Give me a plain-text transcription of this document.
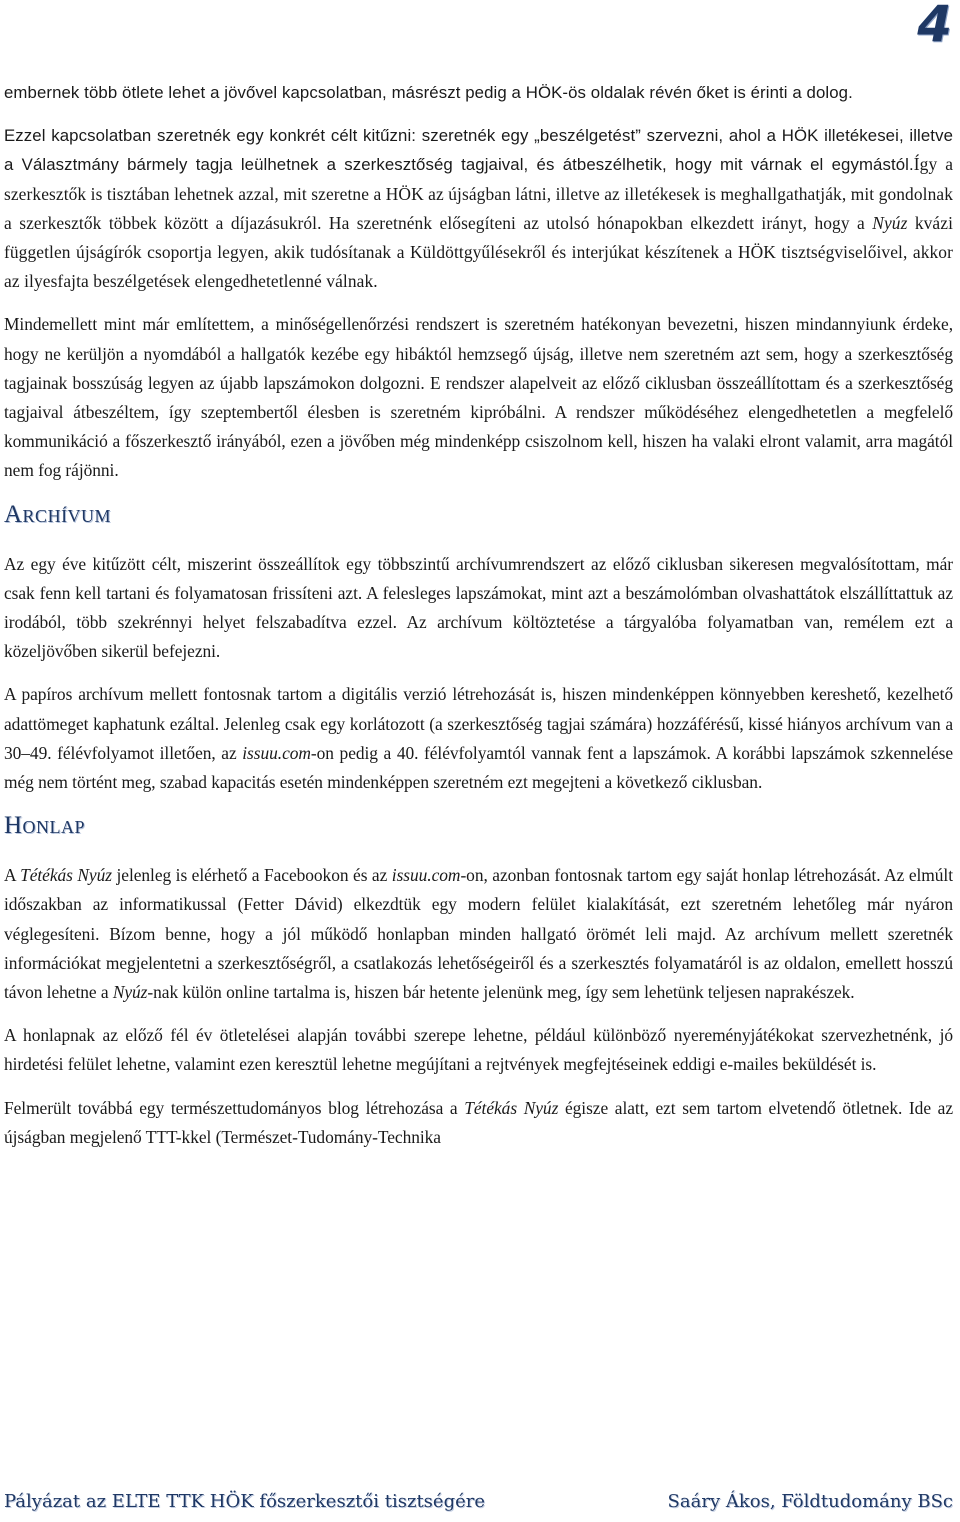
4

embernek több ötlete lehet a jövővel kapcsolatban, másrészt pedig a HÖK-ös oldalak révén őket is érinti a dolog.

Ezzel kapcsolatban szeretnék egy konkrét célt kitűzni: szeretnék egy „beszélgetést” szervezni, ahol a HÖK illetékesei, illetve a Választmány bármely tagja leülhetnek a szerkesztőség tagjaival, és átbeszélhetik, hogy mit várnak el egymástól.Így a szerkesztők is tisztában lehetnek azzal, mit szeretne a HÖK az újságban látni, illetve az illetékesek is meghallgathatják, mit gondolnak a szerkesztők többek között a díjazásukról. Ha szeretnénk elősegíteni az utolsó hónapokban elkezdett irányt, hogy a Nyúz kvázi független újságírók csoportja legyen, akik tudósítanak a Küldöttgyűlésekről és interjúkat készítenek a HÖK tisztségviselőivel, akkor az ilyesfajta beszélgetések elengedhetetlenné válnak.

Mindemellett mint már említettem, a minőségellenőrzési rendszert is szeretném hatékonyan bevezetni, hiszen mindannyiunk érdeke, hogy ne kerüljön a nyomdából a hallgatók kezébe egy hibáktól hemzsegő újság, illetve nem szeretném azt sem, hogy a szerkesztőség tagjainak bosszúság legyen az újabb lapszámokon dolgozni. E rendszer alapelveit az előző ciklusban összeállítottam és a szerkesztőség tagjaival átbeszéltem, így szeptembertől élesben is szeretném kipróbálni. A rendszer működéséhez elengedhetetlen a megfelelő kommunikáció a főszerkesztő irányából, ezen a jövőben még mindenképp csiszolnom kell, hiszen ha valaki elront valamit, arra magától nem fog rájönni.

Archívum

Az egy éve kitűzött célt, miszerint összeállítok egy többszintű archívumrendszert az előző ciklusban sikeresen megvalósítottam, már csak fenn kell tartani és folyamatosan frissíteni azt. A felesleges lapszámokat, mint azt a beszámolómban olvashattátok elszállíttattuk az irodából, több szekrénnyi helyet felszabadítva ezzel. Az archívum költöztetése a tárgyalóba folyamatban van, remélem ezt a közeljövőben sikerül befejezni.

A papíros archívum mellett fontosnak tartom a digitális verzió létrehozását is, hiszen mindenképpen könnyebben kereshető, kezelhető adattömeget kaphatunk ezáltal. Jelenleg csak egy korlátozott (a szerkesztőség tagjai számára) hozzáférésű, kissé hiányos archívum van a 30–49. félévfolyamot illetően, az issuu.com-on pedig a 40. félévfolyamtól vannak fent a lapszámok. A korábbi lapszámok szkennelése még nem történt meg, szabad kapacitás esetén mindenképpen szeretném ezt megejteni a következő ciklusban.

Honlap

A Tétékás Nyúz jelenleg is elérhető a Facebookon és az issuu.com-on, azonban fontosnak tartom egy saját honlap létrehozását. Az elmúlt időszakban az informatikussal (Fetter Dávid) elkezdtük egy modern felület kialakítását, ezt szeretném lehetőleg már nyáron véglegesíteni. Bízom benne, hogy a jól működő honlapban minden hallgató örömét leli majd. Az archívum mellett szeretnék információkat megjelentetni a szerkesztőségről, a csatlakozás lehetőségeiről és a szerkesztés folyamatáról is az oldalon, emellett hosszú távon lehetne a Nyúz-nak külön online tartalma is, hiszen bár hetente jelenünk meg, így sem lehetünk teljesen naprakészek.

A honlapnak az előző fél év ötletelései alapján további szerepe lehetne, például különböző nyereményjátékokat szervezhetnénk, jó hirdetési felület lehetne, valamint ezen keresztül lehetne megújítani a rejtvények megfejtéseinek eddigi e-mailes beküldését is.

Felmerült továbbá egy természettudományos blog létrehozása a Tétékás Nyúz égisze alatt, ezt sem tartom elvetendő ötletnek. Ide az újságban megjelenő TTT-kkel (Természet-Tudomány-Technika

Pályázat az ELTE TTK HÖK főszerkesztői tisztségére	Saáry Ákos, Földtudomány BSc
